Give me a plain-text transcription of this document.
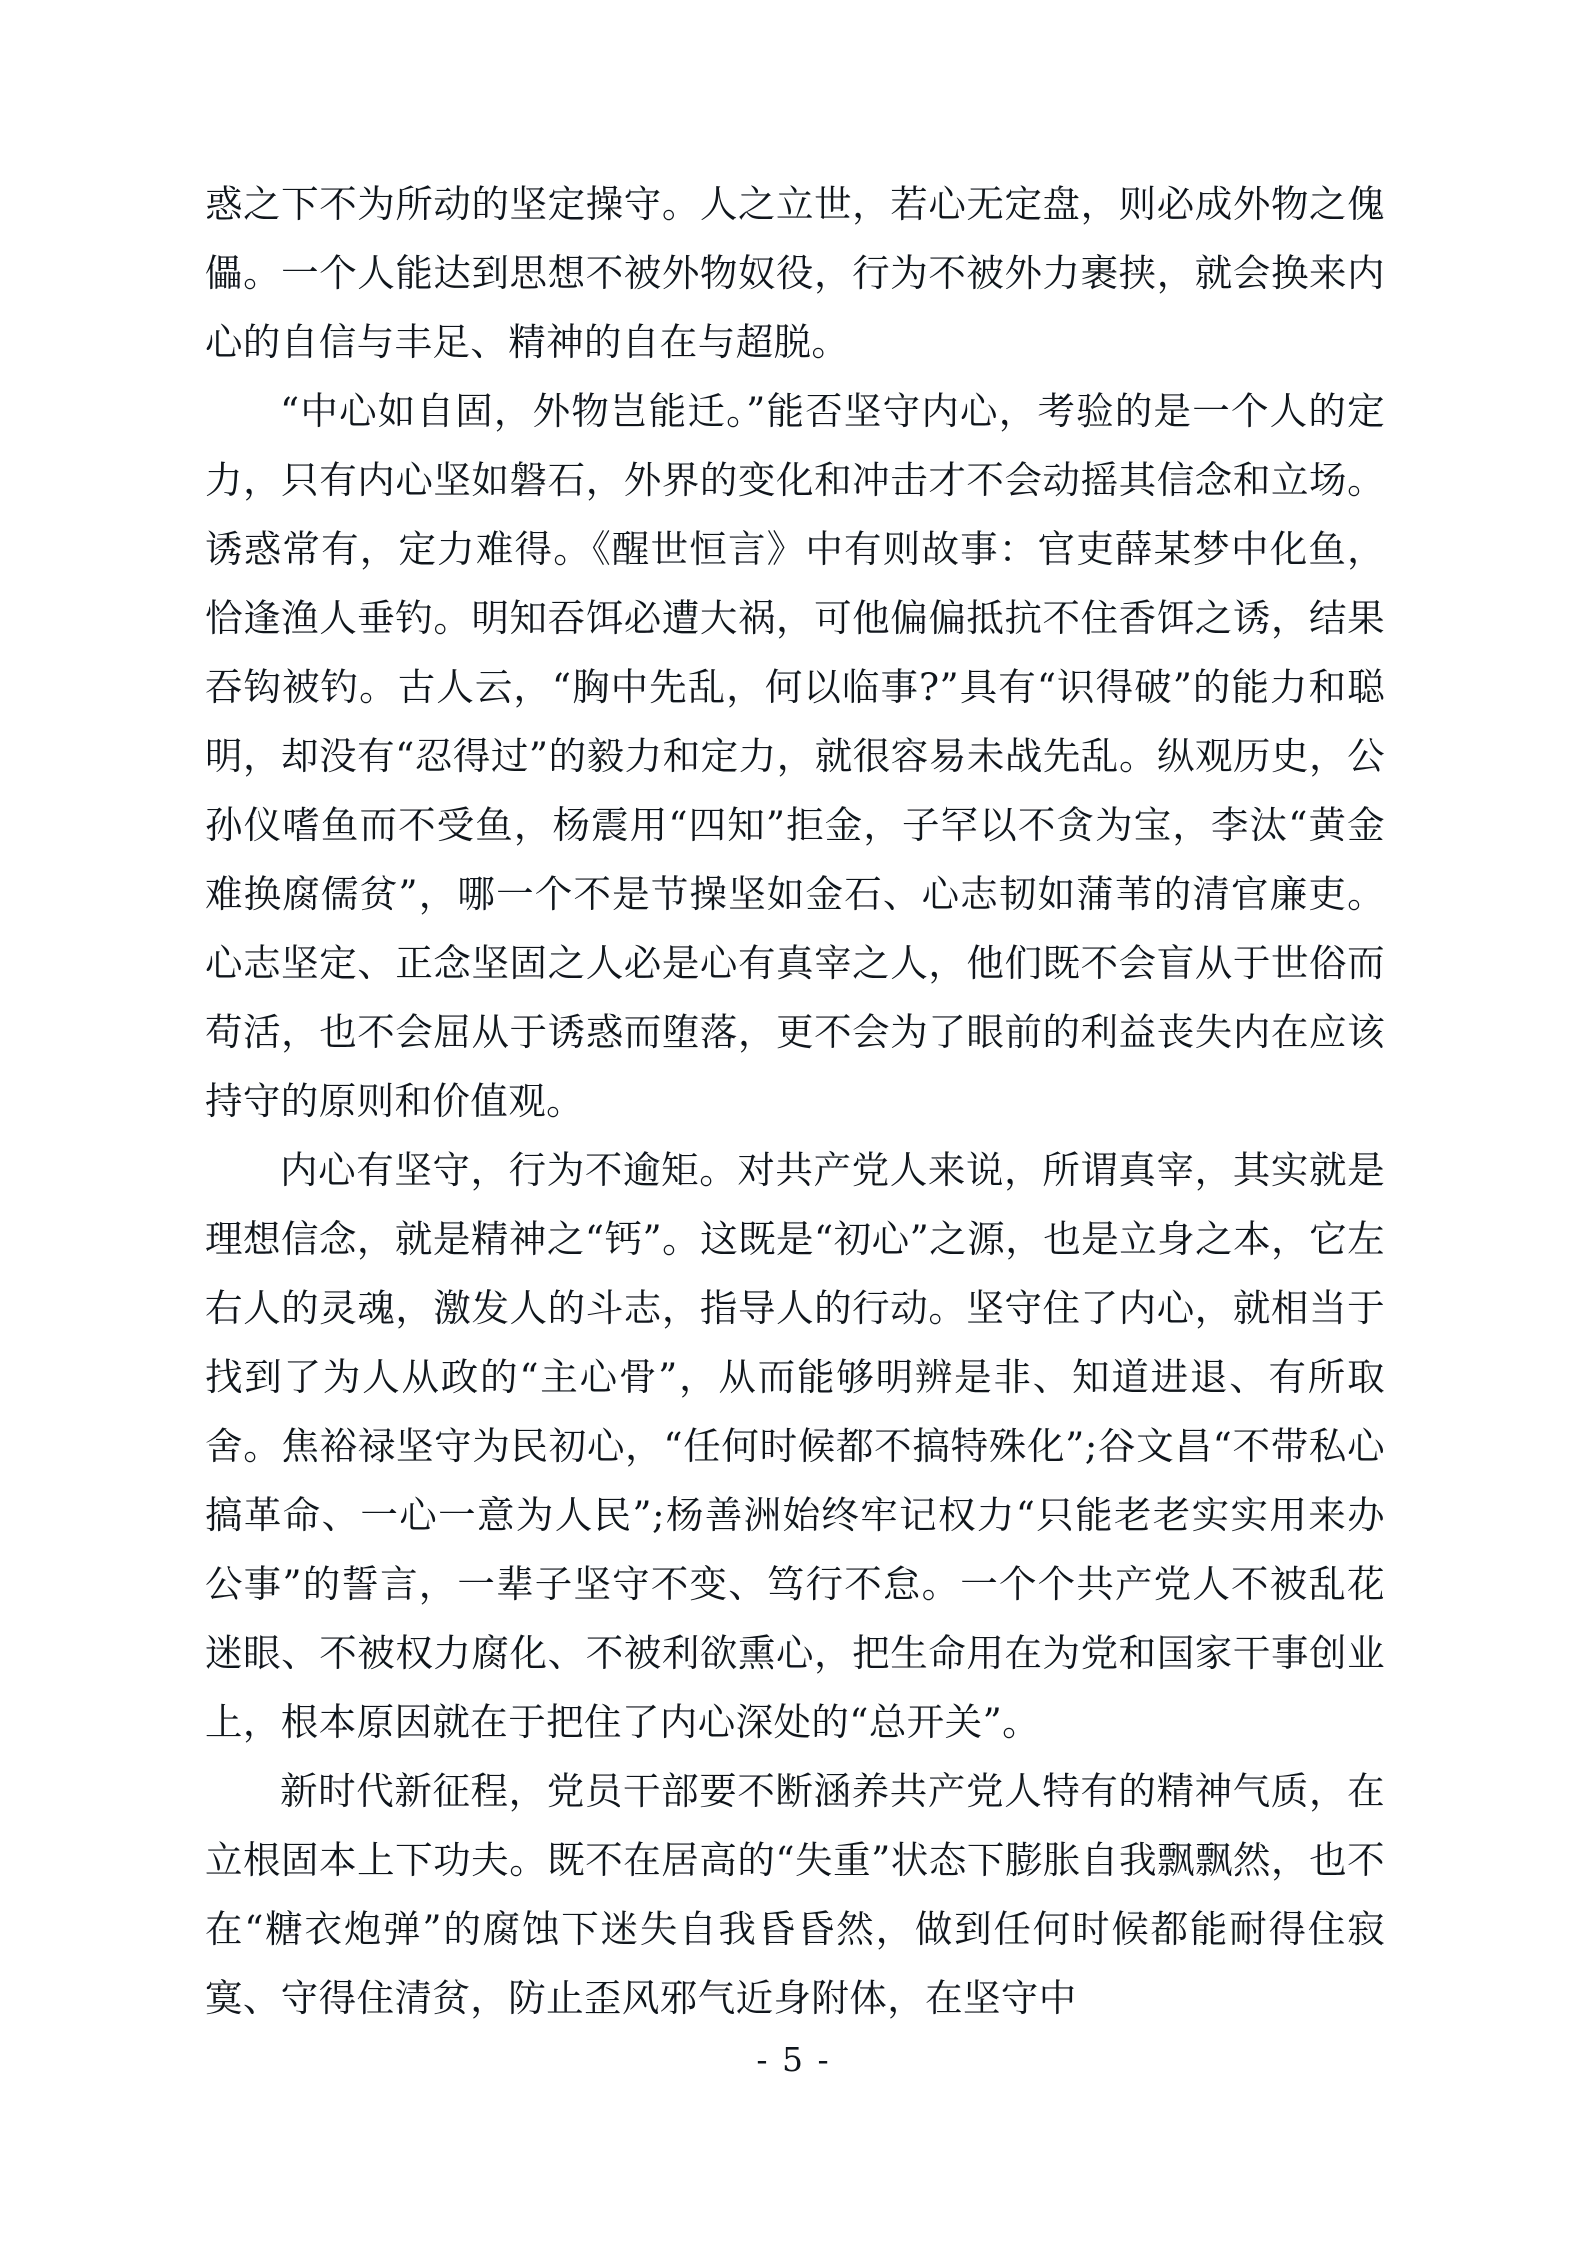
惑之下不为所动的坚定操守。人之立世，若心无定盘，则必成外物之傀儡。一个人能达到思想不被外物奴役，行为不被外力裹挟，就会换来内心的自信与丰足、精神的自在与超脱。

“中心如自固，外物岂能迁。”能否坚守内心，考验的是一个人的定力，只有内心坚如磐石，外界的变化和冲击才不会动摇其信念和立场。诱惑常有，定力难得。《醒世恒言》中有则故事：官吏薛某梦中化鱼，恰逢渔人垂钓。明知吞饵必遭大祸，可他偏偏抵抗不住香饵之诱，结果吞钩被钓。古人云，“胸中先乱，何以临事?”具有“识得破”的能力和聪明，却没有“忍得过”的毅力和定力，就很容易未战先乱。纵观历史，公孙仪嗜鱼而不受鱼，杨震用“四知”拒金，子罕以不贪为宝，李汰“黄金难换腐儒贫”，哪一个不是节操坚如金石、心志韧如蒲苇的清官廉吏。心志坚定、正念坚固之人必是心有真宰之人，他们既不会盲从于世俗而苟活，也不会屈从于诱惑而堕落，更不会为了眼前的利益丧失内在应该持守的原则和价值观。

内心有坚守，行为不逾矩。对共产党人来说，所谓真宰，其实就是理想信念，就是精神之“钙”。这既是“初心”之源，也是立身之本，它左右人的灵魂，激发人的斗志，指导人的行动。坚守住了内心，就相当于找到了为人从政的“主心骨”，从而能够明辨是非、知道进退、有所取舍。焦裕禄坚守为民初心，“任何时候都不搞特殊化”;谷文昌“不带私心搞革命、一心一意为人民”;杨善洲始终牢记权力“只能老老实实用来办公事”的誓言，一辈子坚守不变、笃行不怠。一个个共产党人不被乱花迷眼、不被权力腐化、不被利欲熏心，把生命用在为党和国家干事创业上，根本原因就在于把住了内心深处的“总开关”。

新时代新征程，党员干部要不断涵养共产党人特有的精神气质，在立根固本上下功夫。既不在居高的“失重”状态下膨胀自我飘飘然，也不在“糖衣炮弹”的腐蚀下迷失自我昏昏然，做到任何时候都能耐得住寂寞、守得住清贫，防止歪风邪气近身附体，在坚守中

- 5 -
